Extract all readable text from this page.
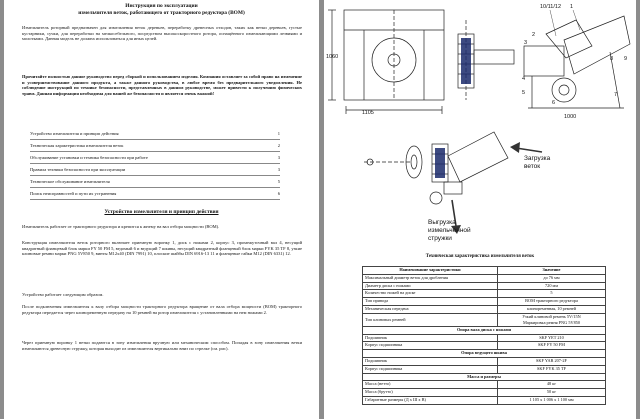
Инструкция по эксплуатации
измельчителя веток, работающего от тракторного редуктора (ВОМ)

Измельчитель роторный предназначен для измельчения веток деревьев, переработку древесных отходов, таких как ветки деревьев, густые кустарники, сучки, для переработки на мелкосебельного, посредством высокоскоростного ротора, оснащённого измельчающими лезвиями и молотками. Данная модель не должна использоваться для иных целей.

Прочитайте полностью данное руководство перед сборкой и использованием изделия. Компания оставляет за собой право на изменение и усовершенствование данного продукта, а также данного руководства, в любое время без предварительного уведомления. Не соблюдение инструкций по технике безопасности, представленных в данном руководстве, может привести к получению физических травм. Данная информация необходима для вашей же безопасности и является очень важной!

Устройство измельчителя и принцип действия	1
Техническая характеристика измельчителя веток	2
Обслуживание установки и техника безопасности при работе	3
Правила техники безопасности при эксплуатации	3
Техническое обслуживание измельчителя	5
Поиск неисправностей и пути их устранения	6
Устройство измельчителя и принцип действия

Измельчитель работает от тракторного редуктора и крепится к жнему на вал отбора мощности (ВОМ).

Конструкция измельчителя веток роторного включает приемную воронку 1, диск с ножами 2, корпус 3, промежуточный вал 4, несущий квадратный фланцевый блок марки FY 50 FM 5, ведомый 6 и ведущий 7 шкивы, несущий квадратный фланцевый блок марки FYK 35 TF 8, узкие клиновые ремни марки PNG 5V850 9, винты M12x40 (DIN 7991) 10, плоские шайбы DIN 6916-13 11 и фланцевые гайки M12 (DIN 6331) 12.

Устройство работает следующим образом.

После подключения измельчителя к валу отбора мощности тракторного редуктора вращение от вала отбора мощности (ВОМ) тракторного редуктора передается через клиноременную передачу на 10 ремней на ротор измельчителя с установленными на нем ножами 2.

Через приемную воронку 1 ветки подаются в зону измельчения вручную или механическим способом. Попадая в зону измельчения ветки измельчаются древесную стружку, которая выходит из измельчителя вертикально вниз по стрелке (см. рис).

1105
1060
1000
10/11/12 1
2
3
4
5
6
7
8 9
Загрузка
веток
Выгрузка
измельченной
стружки
Техническая характеристика измельчителя веток
Наименование характеристики	Значение
Максимальный диаметр веток для дробления	до 76 мм
Диаметр диска с ножами	720 мм
Количество ножей на диске	5
Тип привода	ВОМ тракторного редуктора
Механическая передача	клиноременная, 10 ремней
Тип клиновых ремней	Узкий клиновой ремень 5V/15N
Маркировка ремня PNG 5V850

Опора вала диска с ножами	
Подшипник	SKF YET 210
Корпус подшипника	SKF FY 50 FM
Опора ведущего шкива	
Подшипник	SKF YAR 207-2F
Корпус подшипника	SKF FYK 35 TF
Масса и размеры	
Масса (нетто)	48 кг
Масса (брутто)	50 кг
Габаритные размеры (Д х Ш х В)	1 105 х 1 006 х 1 100 мм
